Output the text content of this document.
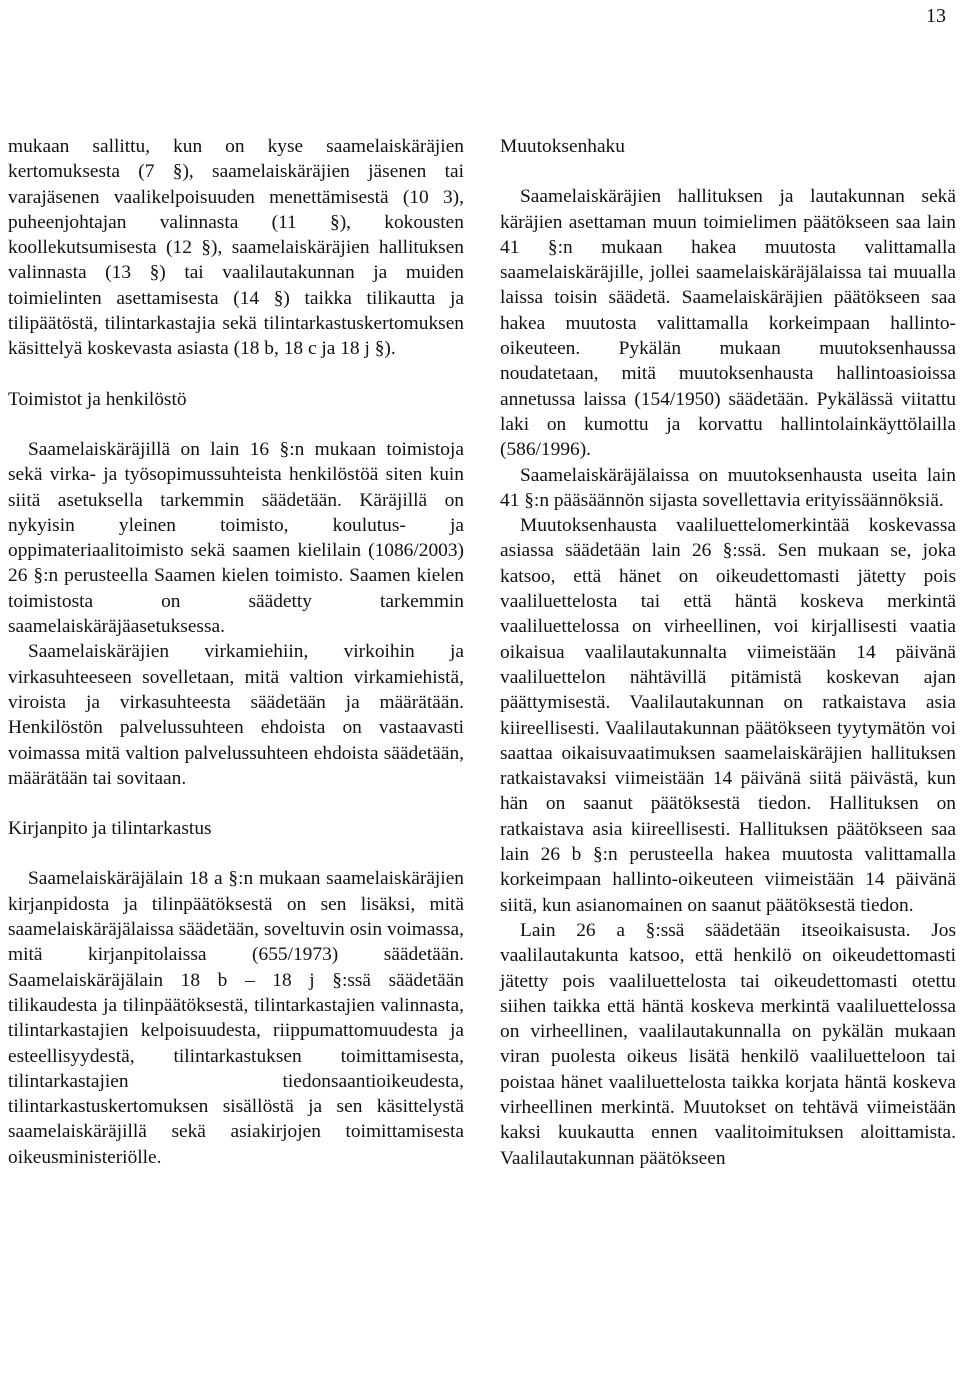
13

mukaan sallittu, kun on kyse saamelaiskäräjien kertomuksesta (7 §), saamelaiskäräjien jäsenen tai varajäsenen vaalikelpoisuuden menettämisestä (10 3), puheenjohtajan valinnasta (11 §), kokousten koollekutsumisesta (12 §), saamelaiskäräjien hallituksen valinnasta (13 §) tai vaalilautakunnan ja muiden toimielinten asettamisesta (14 §) taikka tilikautta ja tilipäätöstä, tilintarkastajia sekä tilintarkastuskertomuksen käsittelyä koskevasta asiasta (18 b, 18 c ja 18 j §).

Toimistot ja henkilöstö

Saamelaiskäräjillä on lain 16 §:n mukaan toimistoja sekä virka- ja työsopimussuhteista henkilöstöä siten kuin siitä asetuksella tarkemmin säädetään. Käräjillä on nykyisin yleinen toimisto, koulutus- ja oppimateriaalitoimisto sekä saamen kielilain (1086/2003) 26 §:n perusteella Saamen kielen toimisto. Saamen kielen toimistosta on säädetty tarkemmin saamelaiskäräjäasetuksessa.

Saamelaiskäräjien virkamiehiin, virkoihin ja virkasuhteeseen sovelletaan, mitä valtion virkamiehistä, viroista ja virkasuhteesta säädetään ja määrätään. Henkilöstön palvelussuhteen ehdoista on vastaavasti voimassa mitä valtion palvelussuhteen ehdoista säädetään, määrätään tai sovitaan.

Kirjanpito ja tilintarkastus

Saamelaiskäräjälain 18 a §:n mukaan saamelaiskäräjien kirjanpidosta ja tilinpäätöksestä on sen lisäksi, mitä saamelaiskäräjälaissa säädetään, soveltuvin osin voimassa, mitä kirjanpitolaissa (655/1973) säädetään. Saamelaiskäräjälain 18 b – 18 j §:ssä säädetään tilikaudesta ja tilinpäätöksestä, tilintarkastajien valinnasta, tilintarkastajien kelpoisuudesta, riippumattomuudesta ja esteellisyydestä, tilintarkastuksen toimittamisesta, tilintarkastajien tiedonsaantioikeudesta, tilintarkastuskertomuksen sisällöstä ja sen käsittelystä saamelaiskäräjillä sekä asiakirjojen toimittamisesta oikeusministeriölle.

Muutoksenhaku

Saamelaiskäräjien hallituksen ja lautakunnan sekä käräjien asettaman muun toimielimen päätökseen saa lain 41 §:n mukaan hakea muutosta valittamalla saamelaiskäräjille, jollei saamelaiskäräjälaissa tai muualla laissa toisin säädetä. Saamelaiskäräjien päätökseen saa hakea muutosta valittamalla korkeimpaan hallinto-oikeuteen. Pykälän mukaan muutoksenhaussa noudatetaan, mitä muutoksenhausta hallintoasioissa annetussa laissa (154/1950) säädetään. Pykälässä viitattu laki on kumottu ja korvattu hallintolainkäyttölailla (586/1996).

Saamelaiskäräjälaissa on muutoksenhausta useita lain 41 §:n pääsäännön sijasta sovellettavia erityissäännöksiä.

Muutoksenhausta vaaliluettelomerkintää koskevassa asiassa säädetään lain 26 §:ssä. Sen mukaan se, joka katsoo, että hänet on oikeudettomasti jätetty pois vaaliluettelosta tai että häntä koskeva merkintä vaaliluettelossa on virheellinen, voi kirjallisesti vaatia oikaisua vaalilautakunnalta viimeistään 14 päivänä vaaliluettelon nähtävillä pitämistä koskevan ajan päättymisestä. Vaalilautakunnan on ratkaistava asia kiireellisesti. Vaalilautakunnan päätökseen tyytymätön voi saattaa oikaisuvaatimuksen saamelaiskäräjien hallituksen ratkaistavaksi viimeistään 14 päivänä siitä päivästä, kun hän on saanut päätöksestä tiedon. Hallituksen on ratkaistava asia kiireellisesti. Hallituksen päätökseen saa lain 26 b §:n perusteella hakea muutosta valittamalla korkeimpaan hallinto-oikeuteen viimeistään 14 päivänä siitä, kun asianomainen on saanut päätöksestä tiedon.

Lain 26 a §:ssä säädetään itseoikaisusta. Jos vaalilautakunta katsoo, että henkilö on oikeudettomasti jätetty pois vaaliluettelosta tai oikeudettomasti otettu siihen taikka että häntä koskeva merkintä vaaliluettelossa on virheellinen, vaalilautakunnalla on pykälän mukaan viran puolesta oikeus lisätä henkilö vaaliluetteloon tai poistaa hänet vaaliluettelosta taikka korjata häntä koskeva virheellinen merkintä. Muutokset on tehtävä viimeistään kaksi kuukautta ennen vaalitoimituksen aloittamista. Vaalilautakunnan päätökseen
